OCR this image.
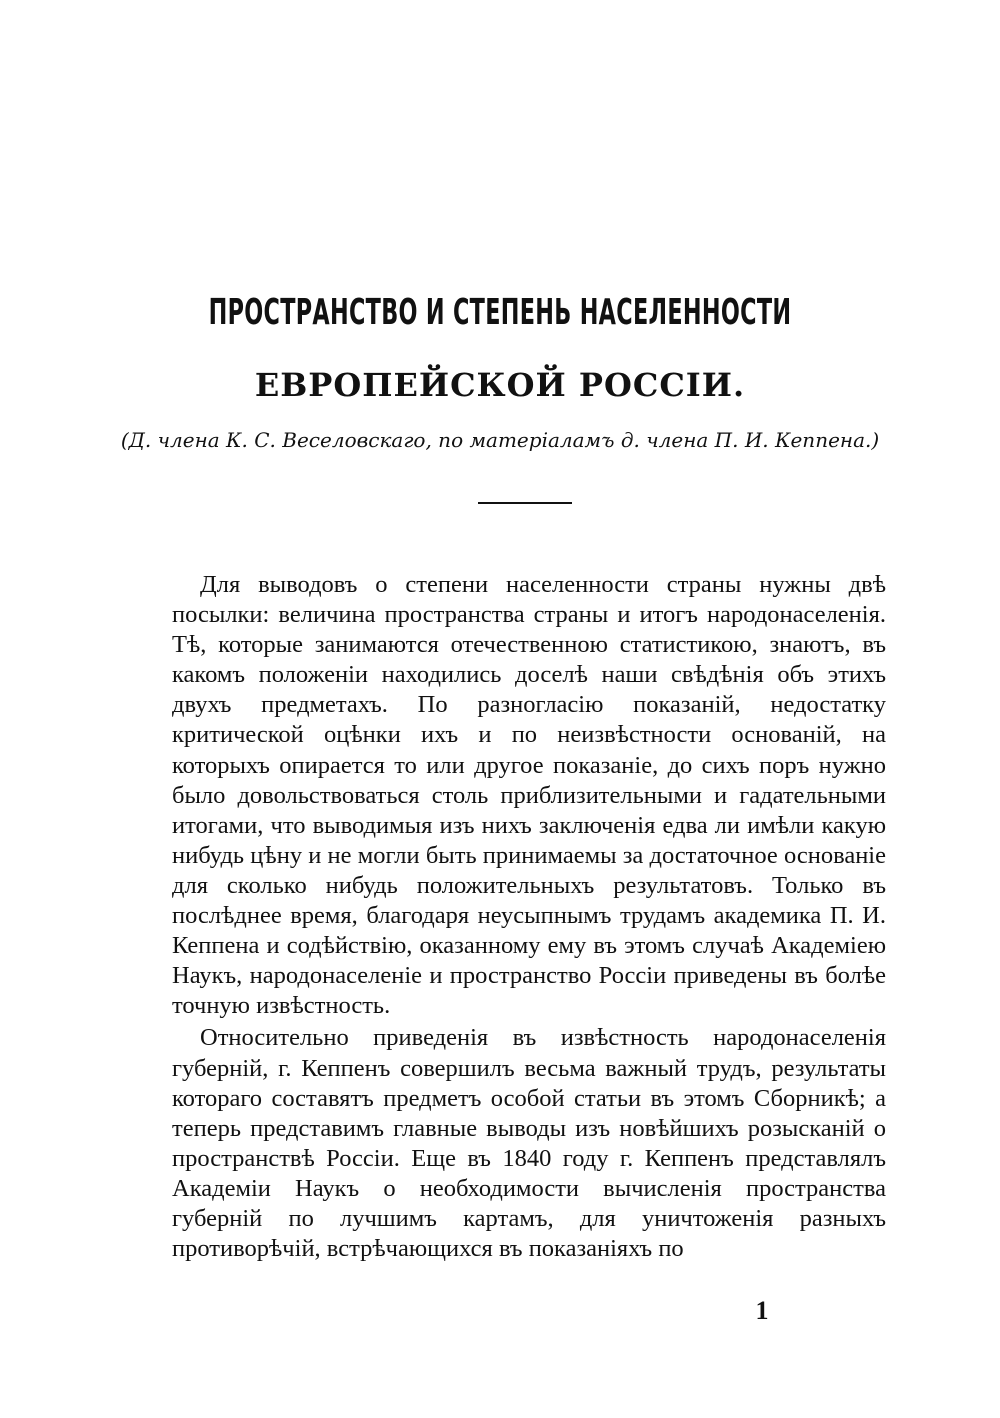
ПРОСТРАНСТВО И СТЕПЕНЬ НАСЕЛЕННОСТИ
ЕВРОПЕЙСКОЙ РОССІИ.
(Д. члена К. С. Веселовскаго, по матеріаламъ д. члена П. И. Кеппена.)

Для выводовъ о степени населенности страны нужны двѣ посылки: величина пространства страны и итогъ народонаселенія. Тѣ, которые занимаются отечественною статистикою, знаютъ, въ какомъ положеніи находились доселѣ наши свѣдѣнія объ этихъ двухъ предметахъ. По разногласію показаній, недостатку критической оцѣнки ихъ и по неизвѣстности основаній, на которыхъ опирается то или другое показаніе, до сихъ поръ нужно было довольствоваться столь приблизительными и гадательными итогами, что выводимыя изъ нихъ заключенія едва ли имѣли какую нибудь цѣну и не могли быть принимаемы за достаточное основаніе для сколько нибудь положительныхъ результатовъ. Только въ послѣднее время, благодаря неусыпнымъ трудамъ академика П. И. Кеппена и содѣйствію, оказанному ему въ этомъ случаѣ Академіею Наукъ, народонаселеніе и пространство Россіи приведены въ болѣе точную извѣстность.

Относительно приведенія въ извѣстность народонаселенія губерній, г. Кеппенъ совершилъ весьма важный трудъ, результаты котораго составятъ предметъ особой статьи въ этомъ Сборникѣ; а теперь представимъ главные выводы изъ новѣйшихъ розысканій о пространствѣ Россіи. Еще въ 1840 году г. Кеппенъ представлялъ Академіи Наукъ о необходимости вычисленія пространства губерній по лучшимъ картамъ, для уничтоженія разныхъ противорѣчій, встрѣчающихся въ показаніяхъ по

1
